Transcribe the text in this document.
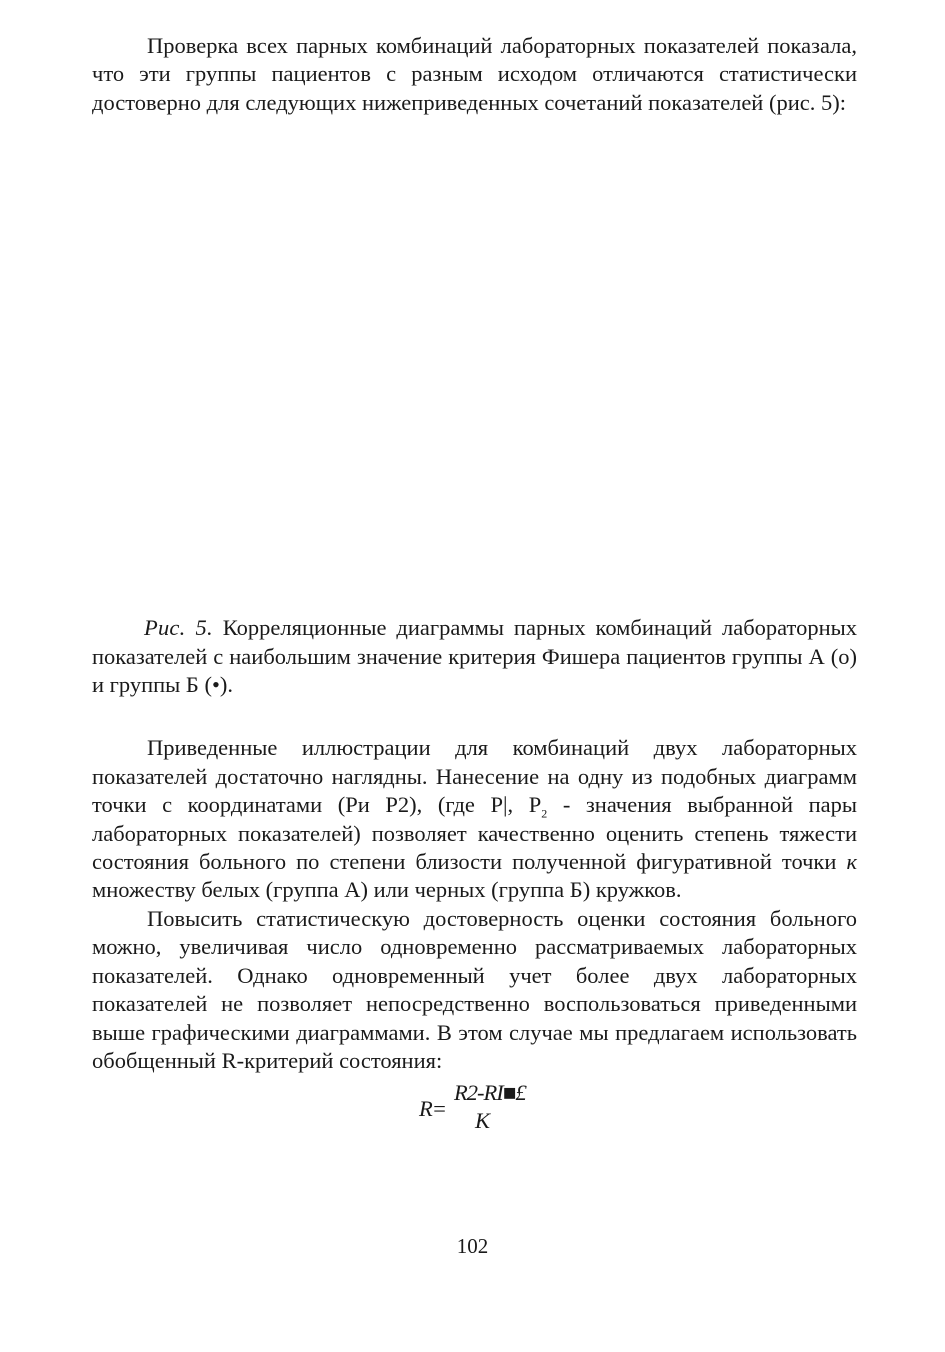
Проверка всех парных комбинаций лабораторных показателей показала, что эти группы пациентов с разным исходом отличаются статистически достоверно для следующих нижеприведенных сочетаний показателей (рис. 5):

Рис. 5. Корреляционные диаграммы парных комбинаций лабораторных показателей с наибольшим значение критерия Фишера пациентов группы А (о) и группы Б (•).

Приведенные иллюстрации для комбинаций двух лабораторных показателей достаточно наглядны. Нанесение на одну из подобных диаграмм точки с координатами (Ри Р2), (где Р|, $Р_2$ - значения выбранной пары лабораторных показателей) позволяет качественно оценить степень тяжести состояния больного по степени близости полученной фигуративной точки к множеству белых (группа А) или черных (группа Б) кружков.

Повысить статистическую достоверность оценки состояния больного можно, увеличивая число одновременно рассматриваемых лабораторных показателей. Однако одновременный учет более двух лабораторных показателей не позволяет непосредственно воспользоваться приведенными выше графическими диаграммами. В этом случае мы предлагаем использовать обобщенный R-критерий состояния:

R=
R2-RI■£
К
102
